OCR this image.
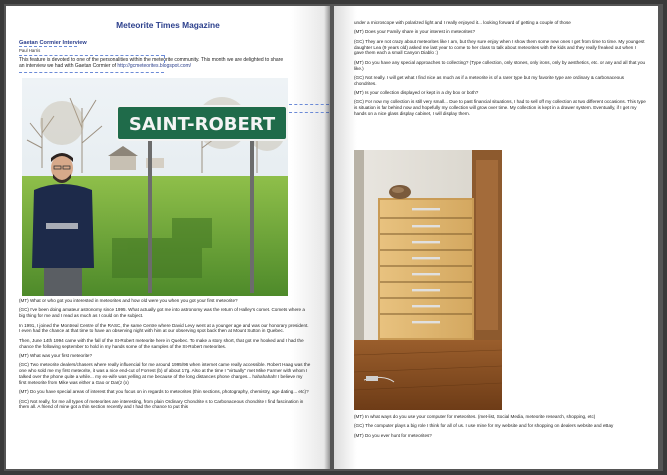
Meteorite Times Magazine
Gaetan Cormier Interview
Paul Harris
This feature is devoted to one of the personalities within the meteorite community. This month we are delighted to share an interview we had with Gaetan Cormier of http://gcmeteorites.blogspot.com/
SAINT-ROBERT

(MT) What or who got you interested in meteorites and how old were you when you got your first meteorite?

(GC) I've been doing amateur astronomy since 1995. What actually got me into astronomy was the return of Halley's comet. Comets where a big thing for me and I read as much as I could on the subject.

In 1991, I joined the Montreal Centre of the RASC, the same Centre where David Levy went at a younger age and was our honorary president. I even had the chance at that time to have an observing night with him at our observing spot back then at Mount Sutton in Quebec.

Then, June 14th 1994 came with the fall of the St-Robert meteorite here in Quebec. To make a story short, that got me hooked and I had the chance the following september to hold in my hands some of the samples of the St-Robert meteorites.

(MT) What was your first meteorite?

(GC) Two meteorite dealers/chasers where really influencial for me around 1995/96 when internet came really accessible. Robert Haag was the one who sold me my first meteorite, it was a nice end-cut of Forrest (b) of about 17g. Also at the time I "virtually" met Mike Farmer with whom I talked over the phone quite a while... my ex-wife was yelling at me because of the long distances phone charges... hahahahah! I believe my first meteorite from Mike was either a Gao or Dar(z (x)

(MT) Do you have special areas of interest that you focus on in regards to meteorites (thin sections, photography, chemistry, age dating... etc)?

(GC) Not really, for me all types of meteorites are interesting, from plain Ordinary Chondrite s to Carbonaceous chondrite I find fascination in them all. A friend of mine got a thin section recently and I had the chance to put this

under a microscope with polarized light and I really enjoyed it... looking forward of getting a couple of those

(MT) Does your Family share in your interest in meteorites?

(GC) They are not crazy about meteorites like I am, but they sure enjoy when I show them some new ones I get from time to time. My youngest daughter Lea (9 years old) asked me last year to come to her class to talk about meteorites with the kids and they really freaked out when I gave them each a small Canyon Diablo :)

(MT) Do you have any special approaches to collecting? (Type collection, only stones, only irons, only by aesthetics, etc. or any and all that you like.)

(GC) Not really. I will get what I find nice as much as if a meteorite is of a rarer type but my favorite type are ordinary & carbonaceous chondrites.

(MT) Is your collection displayed or kept in a dry box or both?

(GC) For now my collection is still very small... Due to past financial situations, I had to sell off my collection at two different occasions. This type is situation is far behind now and hopefully my collection will grow over time. My collection is kept in a drawer system. Eventually, if I get my hands on a nice glass display cabinet, I will display them.

(MT) In what ways do you use your computer for meteorites. (met-list, Social Media, meteorite research, shopping, etc)

(GC) The computer plays a big role I think for all of us. I use mine for my website and for shopping on dealers website and eBay

(MT) Do you ever hunt for meteorites?
